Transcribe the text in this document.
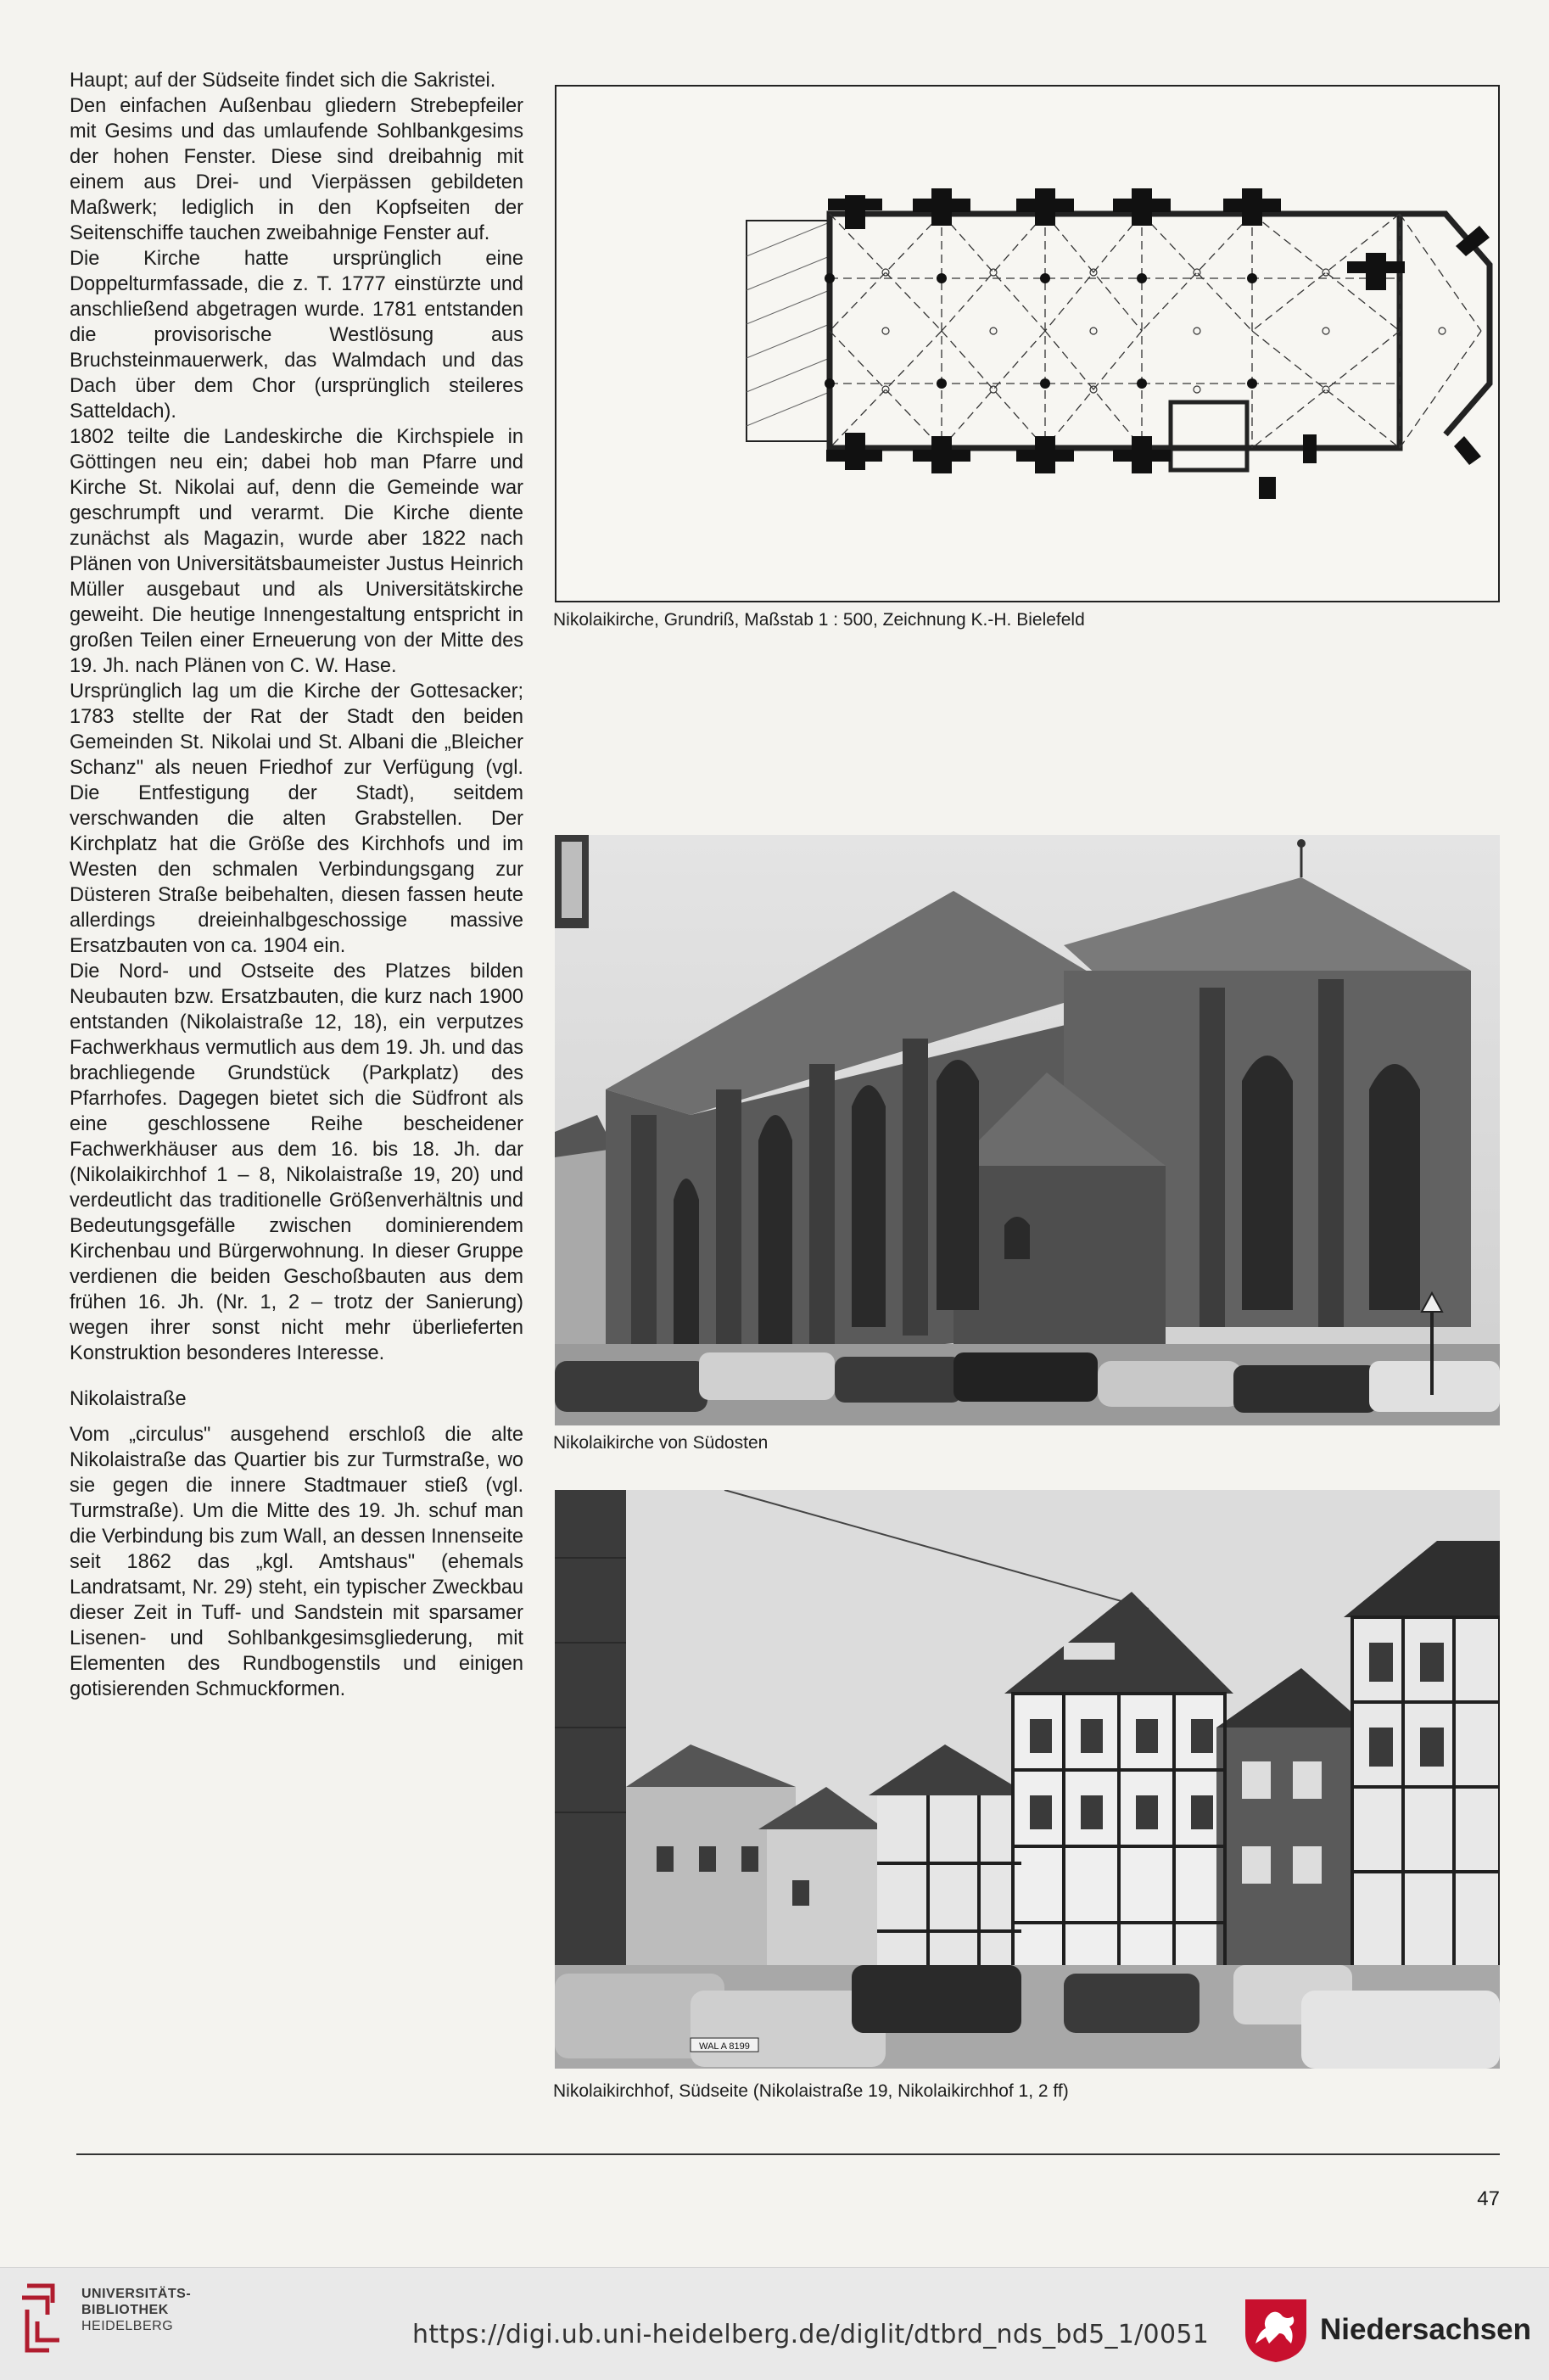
Haupt; auf der Südseite findet sich die Sakristei.

Den einfachen Außenbau gliedern Strebepfeiler mit Gesims und das umlaufende Sohlbankgesims der hohen Fenster. Diese sind dreibahnig mit einem aus Drei- und Vierpässen gebildeten Maßwerk; lediglich in den Kopfseiten der Seitenschiffe tauchen zweibahnige Fenster auf.

Die Kirche hatte ursprünglich eine Doppelturmfassade, die z. T. 1777 einstürzte und anschließend abgetragen wurde. 1781 entstanden die provisorische Westlösung aus Bruchsteinmauerwerk, das Walmdach und das Dach über dem Chor (ursprünglich steileres Satteldach).

1802 teilte die Landeskirche die Kirchspiele in Göttingen neu ein; dabei hob man Pfarre und Kirche St. Nikolai auf, denn die Gemeinde war geschrumpft und verarmt. Die Kirche diente zunächst als Magazin, wurde aber 1822 nach Plänen von Universitätsbaumeister Justus Heinrich Müller ausgebaut und als Universitätskirche geweiht. Die heutige Innengestaltung entspricht in großen Teilen einer Erneuerung von der Mitte des 19. Jh. nach Plänen von C. W. Hase.

Ursprünglich lag um die Kirche der Gottesacker; 1783 stellte der Rat der Stadt den beiden Gemeinden St. Nikolai und St. Albani die „Bleicher Schanz" als neuen Friedhof zur Verfügung (vgl. Die Entfestigung der Stadt), seitdem verschwanden die alten Grabstellen. Der Kirchplatz hat die Größe des Kirchhofs und im Westen den schmalen Verbindungsgang zur Düsteren Straße beibehalten, diesen fassen heute allerdings dreieinhalbgeschossige massive Ersatzbauten von ca. 1904 ein.

Die Nord- und Ostseite des Platzes bilden Neubauten bzw. Ersatzbauten, die kurz nach 1900 entstanden (Nikolaistraße 12, 18), ein verputzes Fachwerkhaus vermutlich aus dem 19. Jh. und das brachliegende Grundstück (Parkplatz) des Pfarrhofes. Dagegen bietet sich die Südfront als eine geschlossene Reihe bescheidener Fachwerkhäuser aus dem 16. bis 18. Jh. dar (Nikolaikirchhof 1 – 8, Nikolaistraße 19, 20) und verdeutlicht das traditionelle Größenverhältnis und Bedeutungsgefälle zwischen dominierendem Kirchenbau und Bürgerwohnung. In dieser Gruppe verdienen die beiden Geschoßbauten aus dem frühen 16. Jh. (Nr. 1, 2 – trotz der Sanierung) wegen ihrer sonst nicht mehr überlieferten Konstruktion besonderes Interesse.

Nikolaistraße

Vom „circulus" ausgehend erschloß die alte Nikolaistraße das Quartier bis zur Turmstraße, wo sie gegen die innere Stadtmauer stieß (vgl. Turmstraße). Um die Mitte des 19. Jh. schuf man die Verbindung bis zum Wall, an dessen Innenseite seit 1862 das „kgl. Amtshaus" (ehemals Landratsamt, Nr. 29) steht, ein typischer Zweckbau dieser Zeit in Tuff- und Sandstein mit sparsamer Lisenen- und Sohlbankgesimsgliederung, mit Elementen des Rundbogenstils und einigen gotisierenden Schmuckformen.

Nikolaikirche, Grundriß, Maßstab 1 : 500, Zeichnung K.-H. Bielefeld
Nikolaikirche von Südosten
WAL A 8199
Nikolaikirchhof, Südseite (Nikolaistraße 19, Nikolaikirchhof 1, 2 ff)
47
UNIVERSITÄTS-
BIBLIOTHEK
HEIDELBERG	https://digi.ub.uni-heidelberg.de/diglit/dtbrd_nds_bd5_1/0051	Niedersachsen
